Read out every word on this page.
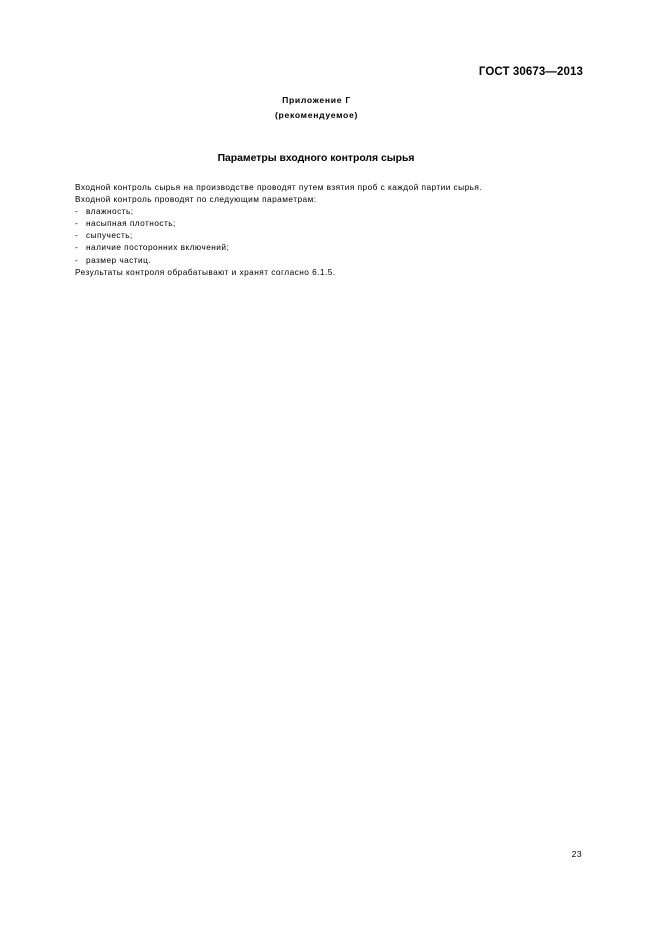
ГОСТ 30673—2013
Приложение Г
(рекомендуемое)
Параметры входного контроля сырья
Входной контроль сырья на производстве проводят путем взятия проб с каждой партии сырья.
Входной контроль проводят по следующим параметрам:
- влажность;
- насыпная плотность;
- сыпучесть;
- наличие посторонних включений;
- размер частиц.
Результаты контроля обрабатывают и хранят согласно 6.1.5.
23
